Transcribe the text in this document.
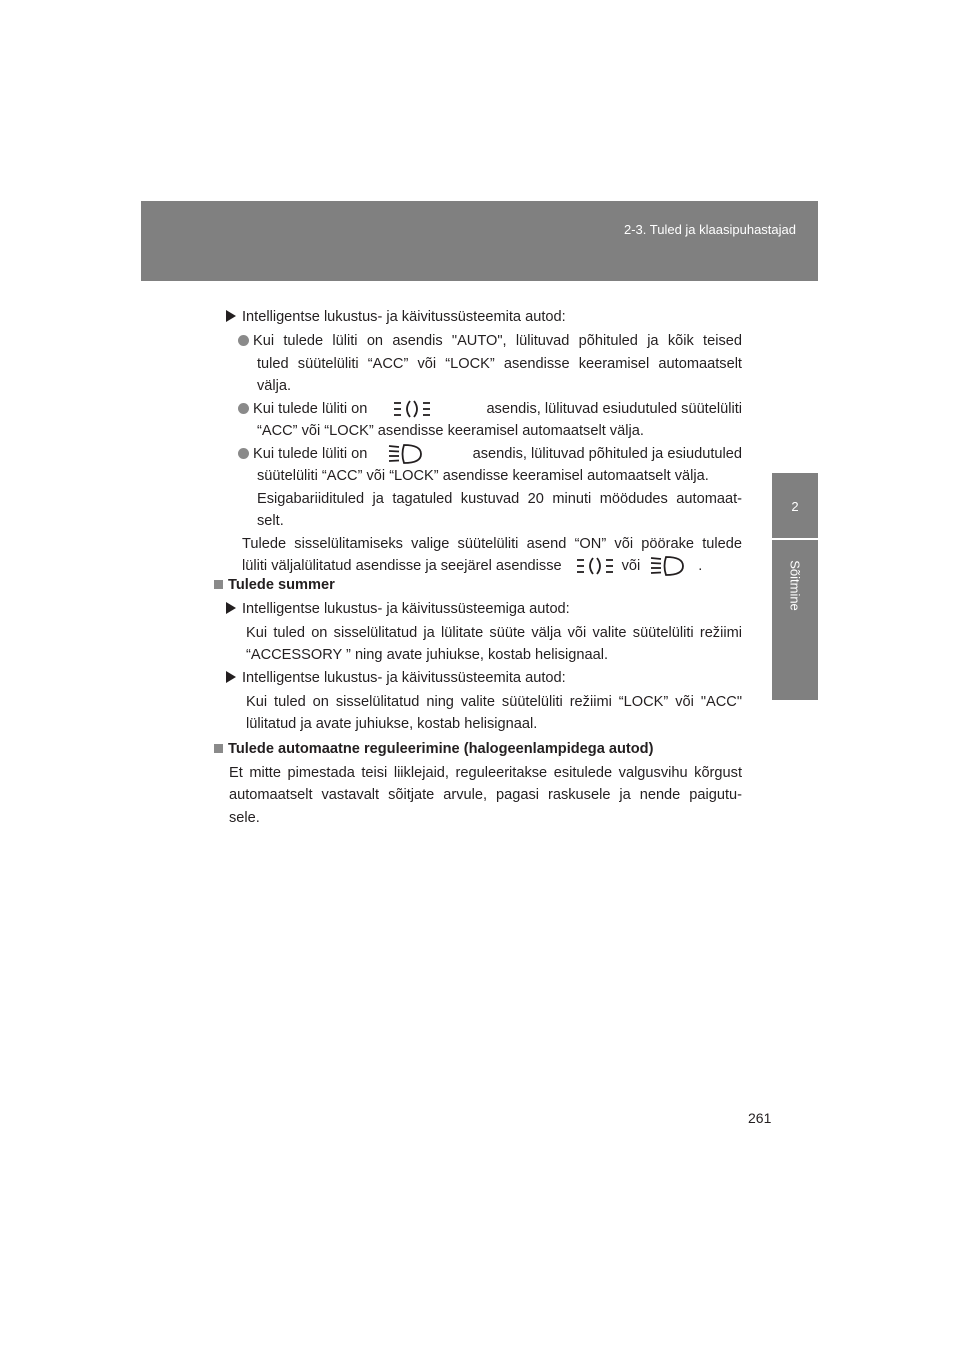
2-3. Tuled ja klaasipuhastajad
2
Sõitmine
Intelligentse lukustus- ja käivitussüsteemita autod:
Kui tulede lüliti on asendis "AUTO", lülituvad põhituled ja kõik teised
tuled süütelüliti “ACC” või “LOCK” asendisse keeramisel automaatselt
välja.
Kui tulede lüliti on	asendis, lülituvad esiudutuled süütelüliti
“ACC” või “LOCK” asendisse keeramisel automaatselt välja.
Kui tulede lüliti on	asendis, lülituvad põhituled ja esiudutuled
süütelüliti “ACC” või “LOCK” asendisse keeramisel automaatselt välja.
Esigabariidituled ja tagatuled kustuvad 20 minuti möödudes automaat-
selt.
Tulede sisselülitamiseks valige süütelüliti asend “ON” või pöörake tulede
lüliti väljalülitatud asendisse ja seejärel asendisse	või	.
Tulede summer
Intelligentse lukustus- ja käivitussüsteemiga autod:
Kui tuled on sisselülitatud ja lülitate süüte välja või valite süütelüliti režiimi
“ACCESSORY ” ning avate juhiukse, kostab helisignaal.
Intelligentse lukustus- ja käivitussüsteemita autod:
Kui tuled on sisselülitatud ning valite süütelüliti režiimi “LOCK” või "ACC"
lülitatud ja avate juhiukse, kostab helisignaal.
Tulede automaatne reguleerimine (halogeenlampidega autod)
Et mitte pimestada teisi liiklejaid, reguleeritakse esitulede valgusvihu kõrgust
automaatselt vastavalt sõitjate arvule, pagasi raskusele ja nende paigutu-
sele.
261
